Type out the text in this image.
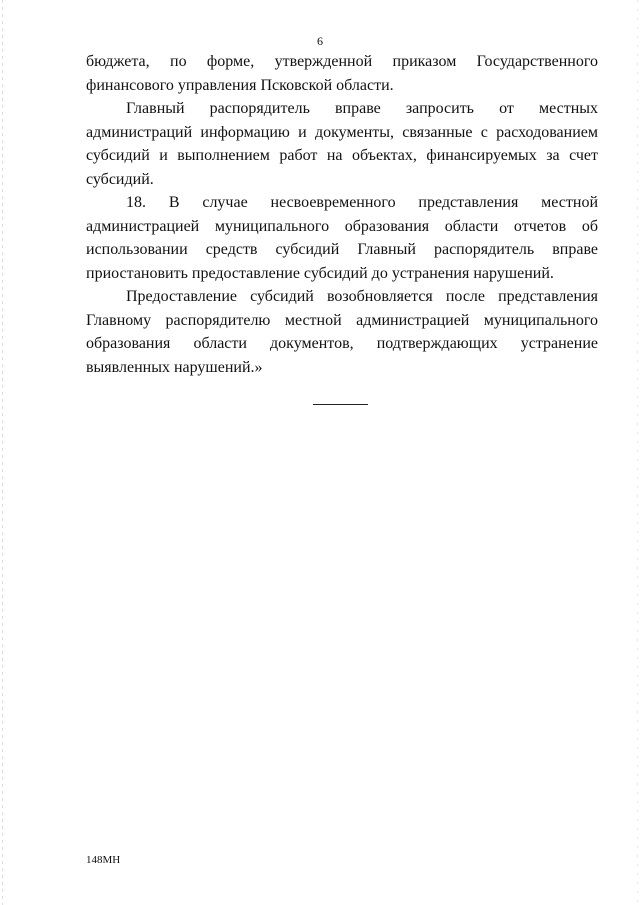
6

бюджета, по форме, утвержденной приказом Государственного финансового управления Псковской области.

Главный распорядитель вправе запросить от местных администраций информацию и документы, связанные с расходованием субсидий и выполнением работ на объектах, финансируемых за счет субсидий.

18. В случае несвоевременного представления местной администрацией муниципального образования области отчетов об использовании средств субсидий Главный распорядитель вправе приостановить предоставление субсидий до устранения нарушений.

Предоставление субсидий возобновляется после представления Главному распорядителю местной администрацией муниципального образования области документов, подтверждающих устранение выявленных нарушений.»

148МН
